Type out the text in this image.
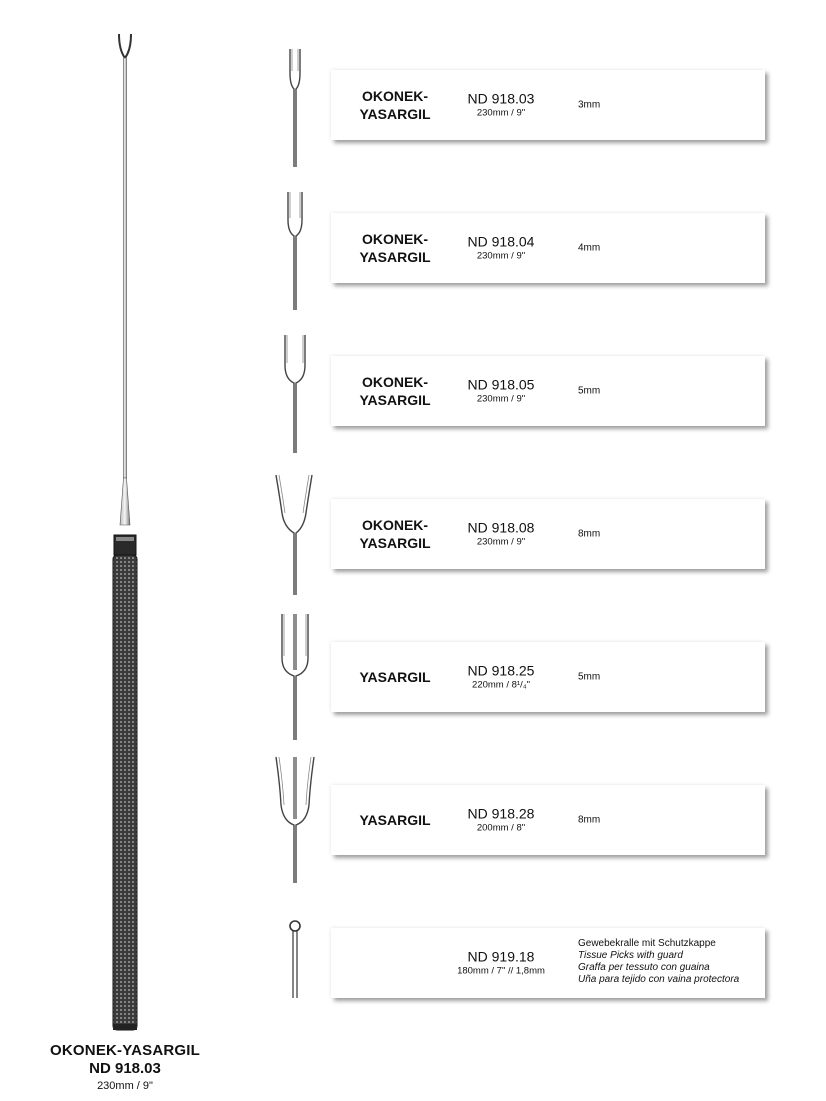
OKONEK-YASARGIL
ND 918.03
230mm / 9"
OKONEK-
YASARGIL
ND 918.03
230mm / 9"
3mm
OKONEK-
YASARGIL
ND 918.04
230mm / 9"
4mm
OKONEK-
YASARGIL
ND 918.05
230mm / 9"
5mm
OKONEK-
YASARGIL
ND 918.08
230mm / 9"
8mm
YASARGIL	ND 918.25
220mm / 8¹/₄"
5mm
YASARGIL	ND 918.28
200mm / 8"
8mm
ND 919.18
180mm / 7" // 1,8mm
Gewebekralle mit Schutzkappe
Tissue Picks with guard
Graffa per tessuto con guaina
Uña para tejido con vaina protectora
